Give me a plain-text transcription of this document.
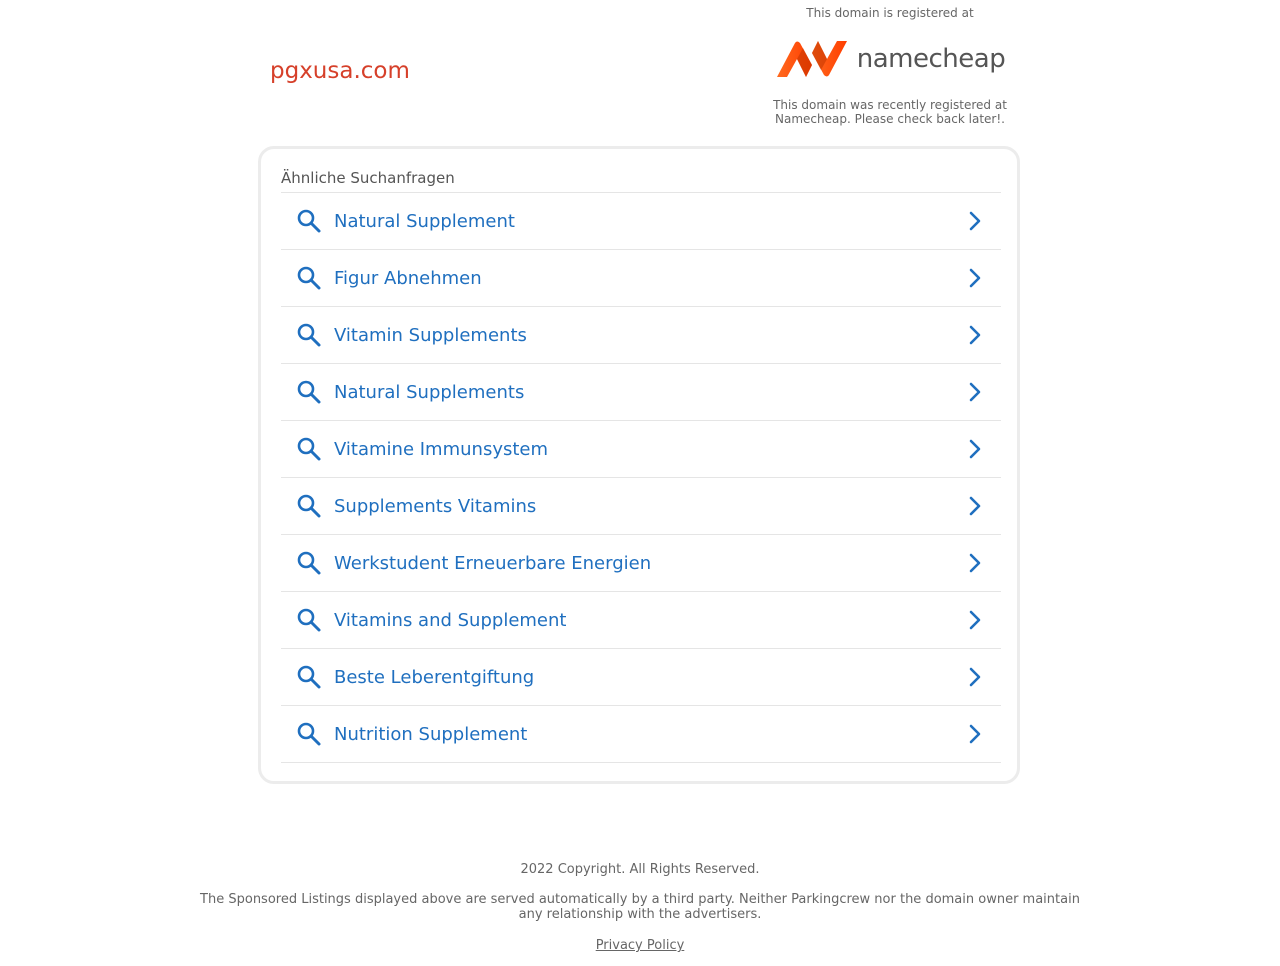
pgxusa.com

This domain is registered at

namecheap

This domain was recently registered at Namecheap. Please check back later!.

Ähnliche Suchanfragen
Natural Supplement
Figur Abnehmen
Vitamin Supplements
Natural Supplements
Vitamine Immunsystem
Supplements Vitamins
Werkstudent Erneuerbare Energien
Vitamins and Supplement
Beste Leberentgiftung
Nutrition Supplement

2022 Copyright. All Rights Reserved.

The Sponsored Listings displayed above are served automatically by a third party. Neither Parkingcrew nor the domain owner maintain any relationship with the advertisers.

Privacy Policy
